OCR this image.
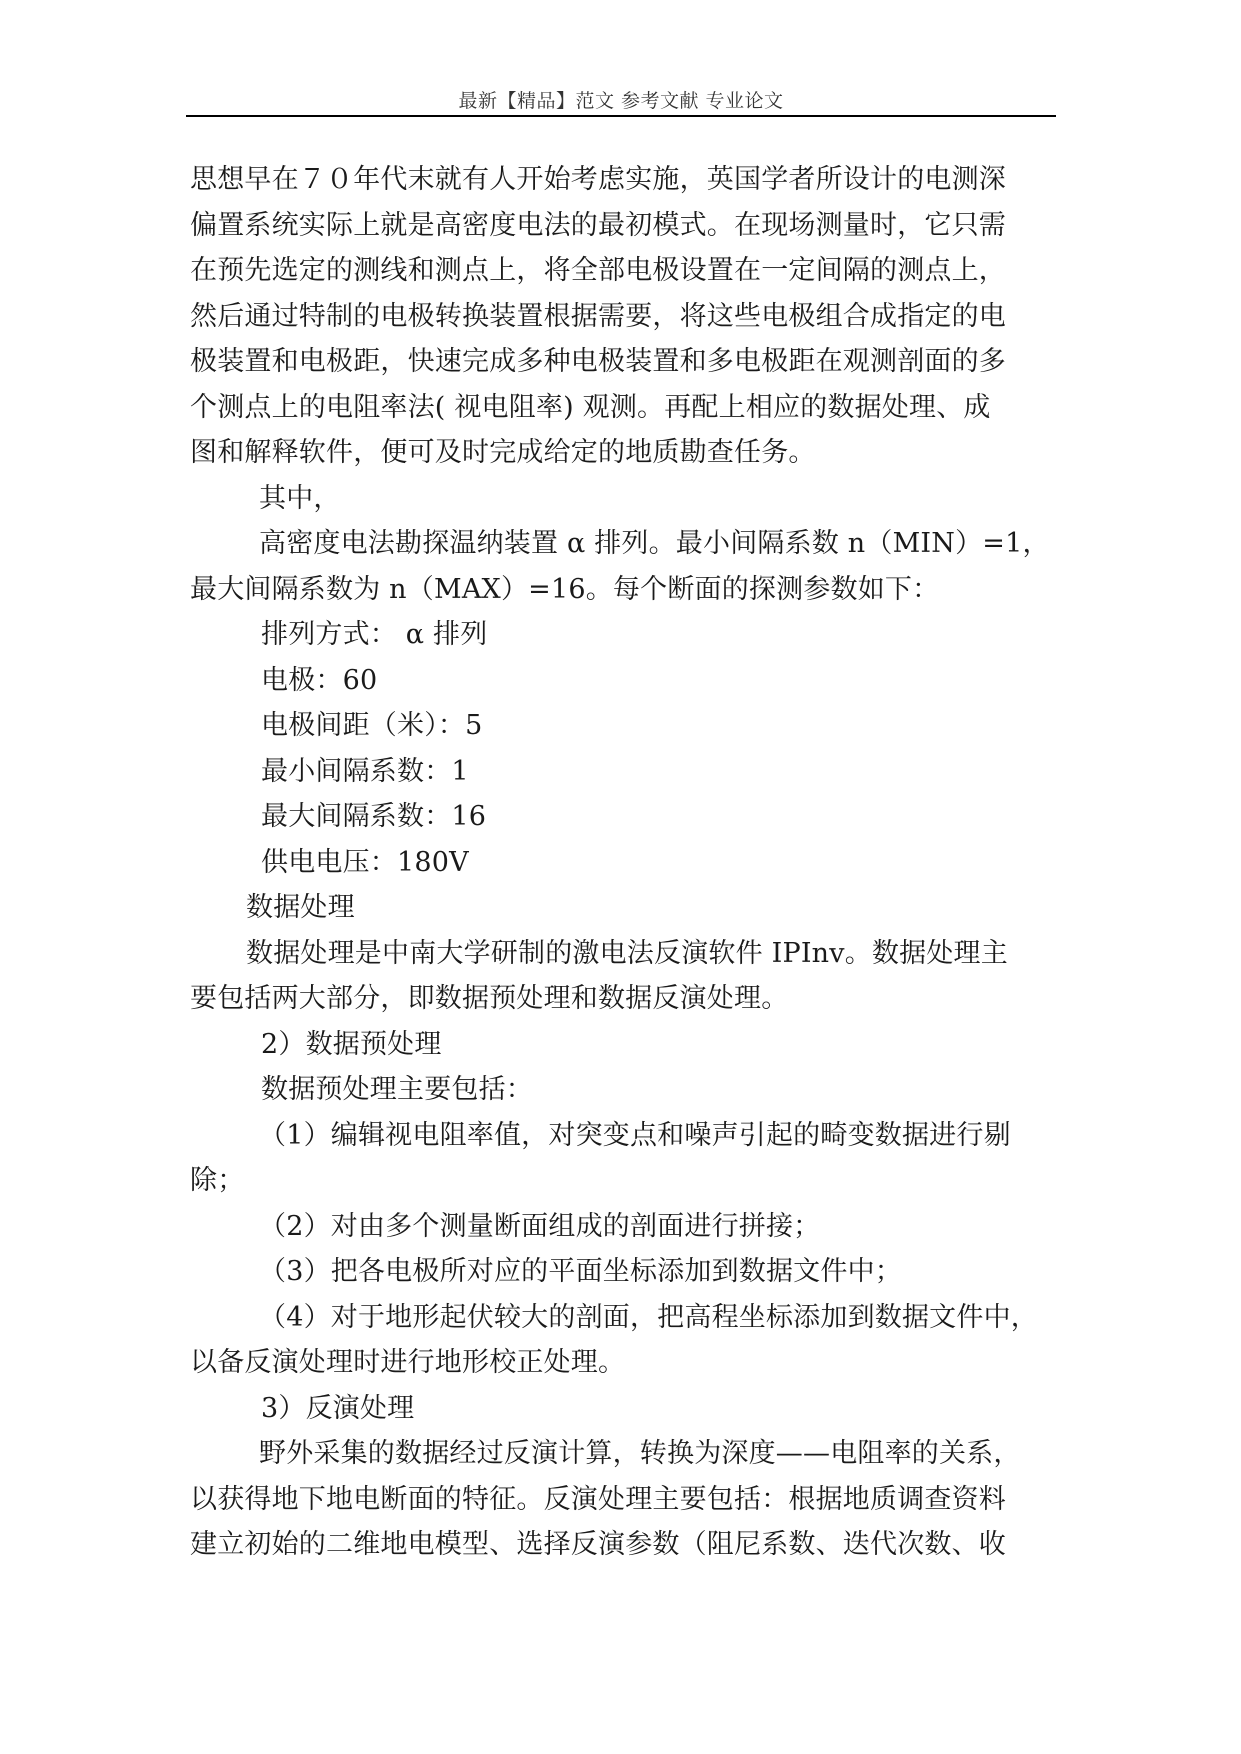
最新【精品】范文 参考文献 专业论文
思想早在７０年代末就有人开始考虑实施，英国学者所设计的电测深
偏置系统实际上就是高密度电法的最初模式。在现场测量时，它只需
在预先选定的测线和测点上，将全部电极设置在一定间隔的测点上，
然后通过特制的电极转换装置根据需要，将这些电极组合成指定的电
极装置和电极距，快速完成多种电极装置和多电极距在观测剖面的多
个测点上的电阻率法( 视电阻率) 观测。再配上相应的数据处理、成
图和解释软件，便可及时完成给定的地质勘查任务。
其中，
高密度电法勘探温纳装置 α 排列。最小间隔系数 n（MIN）=1，
最大间隔系数为 n（MAX）=16。每个断面的探测参数如下：
排列方式： α 排列
电极：60
电极间距（米）：5
最小间隔系数：1
最大间隔系数：16
供电电压：180V
数据处理
数据处理是中南大学研制的激电法反演软件 IPInv。数据处理主
要包括两大部分，即数据预处理和数据反演处理。
2）数据预处理
数据预处理主要包括：
（1）编辑视电阻率值，对突变点和噪声引起的畸变数据进行剔
除；
（2）对由多个测量断面组成的剖面进行拼接；
（3）把各电极所对应的平面坐标添加到数据文件中；
（4）对于地形起伏较大的剖面，把高程坐标添加到数据文件中，
以备反演处理时进行地形校正处理。
3）反演处理
野外采集的数据经过反演计算，转换为深度——电阻率的关系，
以获得地下地电断面的特征。反演处理主要包括：根据地质调查资料
建立初始的二维地电模型、选择反演参数（阻尼系数、迭代次数、收
